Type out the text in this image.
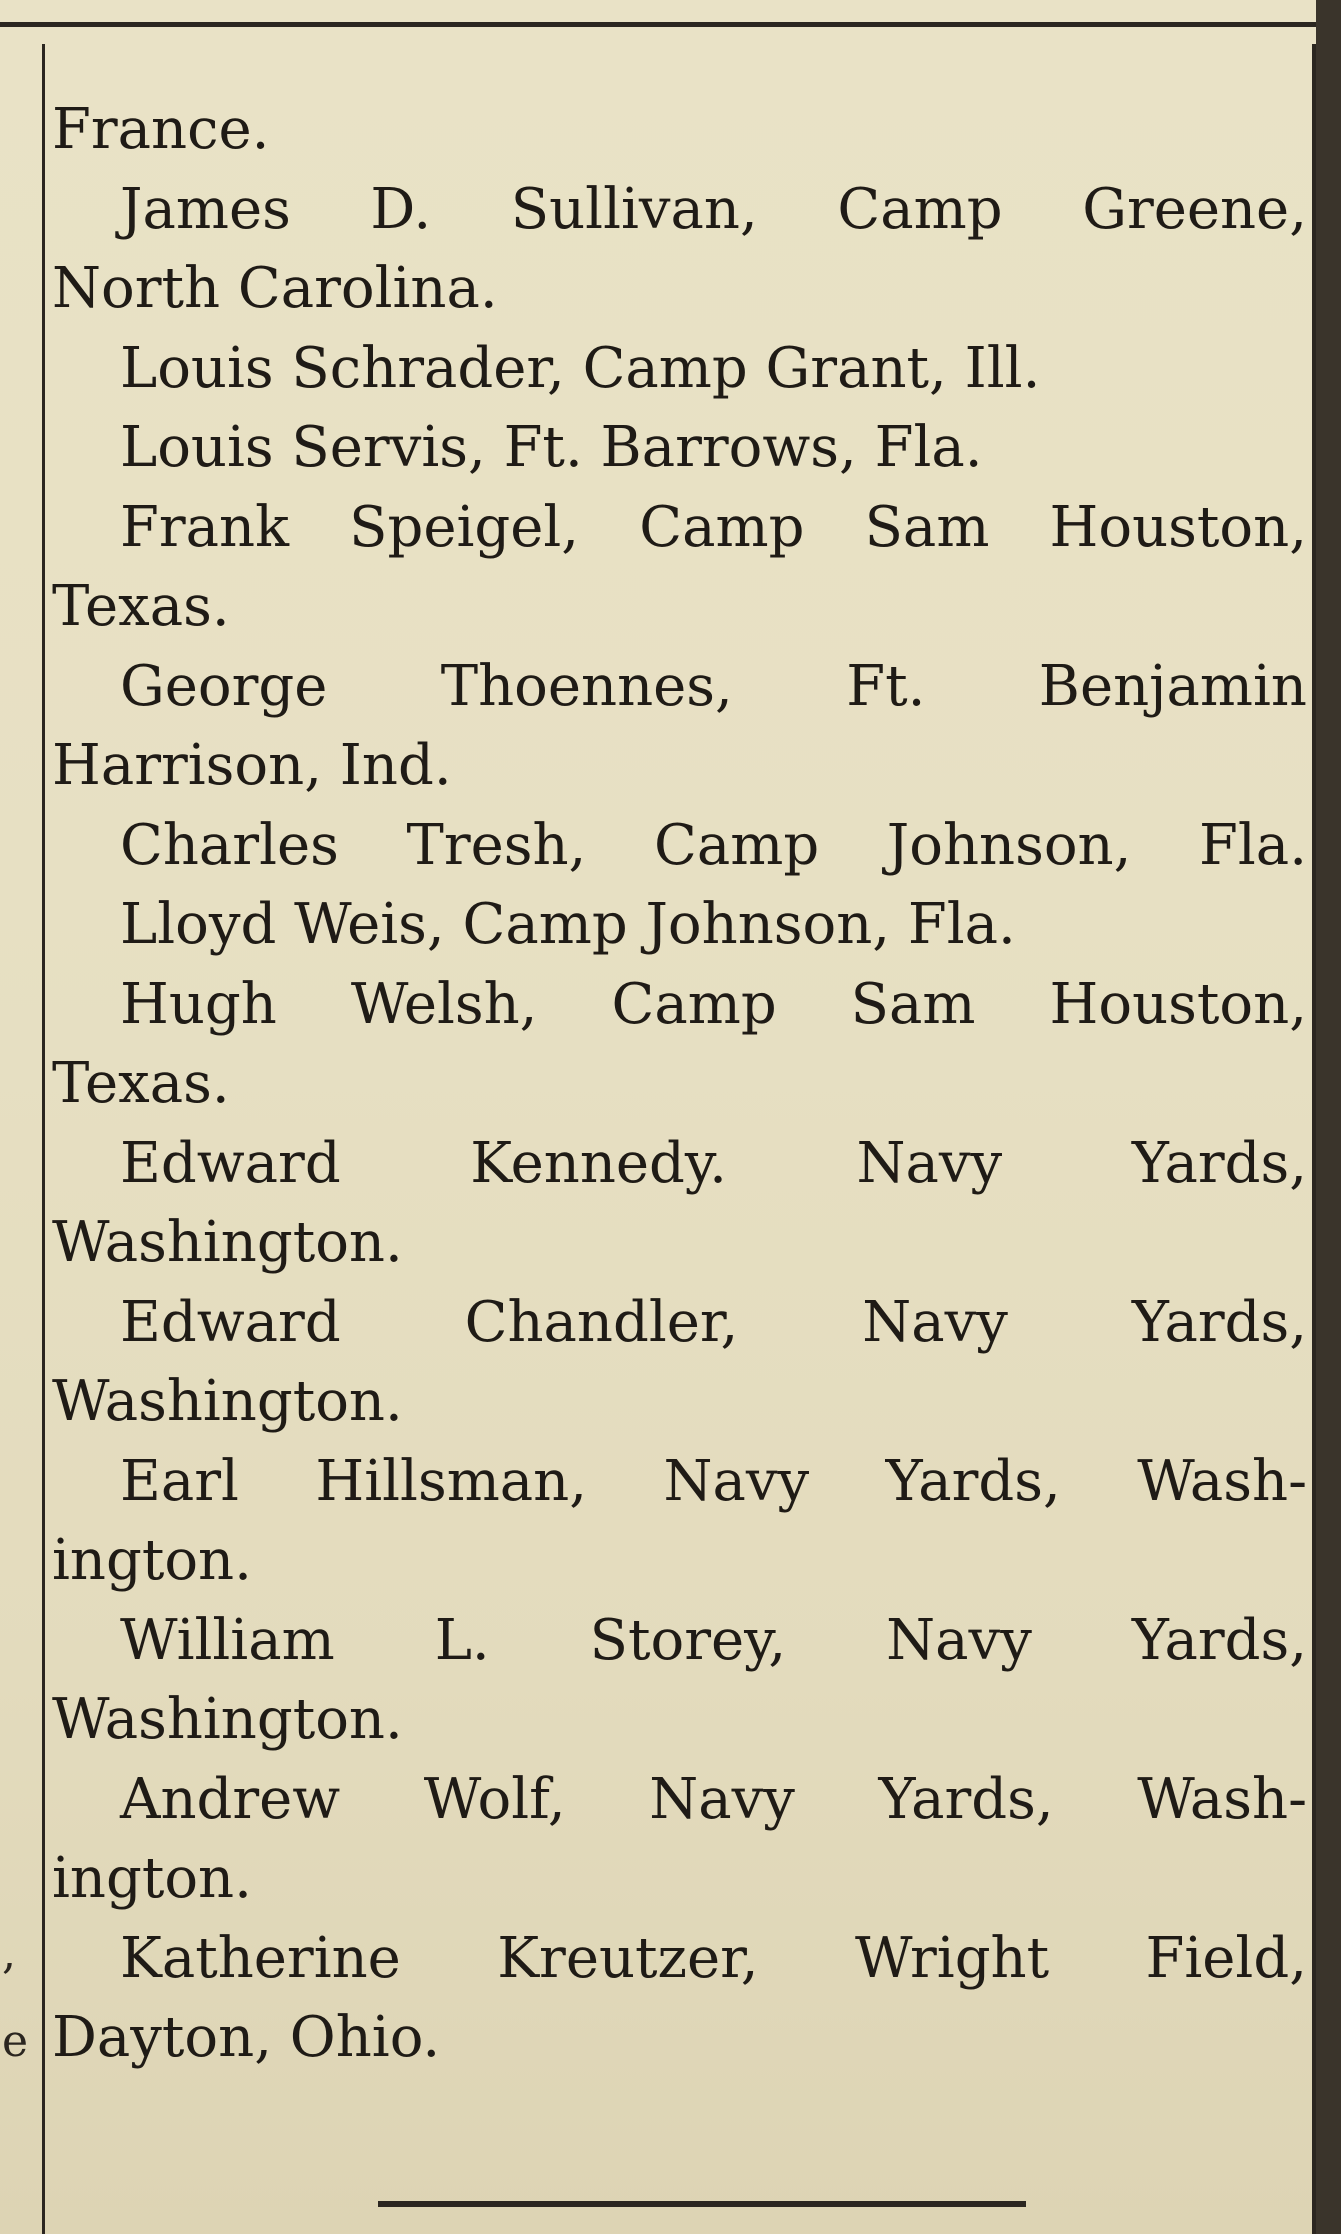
,
e
France.
James D. Sullivan, Camp Greene,
North Carolina.
Louis Schrader, Camp Grant, Ill.
Louis Servis, Ft. Barrows, Fla.
Frank Speigel, Camp Sam Houston,
Texas.
George Thoennes, Ft. Benjamin
Harrison, Ind.
Charles Tresh, Camp Johnson, Fla.
Lloyd Weis, Camp Johnson, Fla.
Hugh Welsh, Camp Sam Houston,
Texas.
Edward Kennedy. Navy Yards,
Washington.
Edward Chandler, Navy Yards,
Washington.
Earl Hillsman, Navy Yards, Wash-
ington.
William L. Storey, Navy Yards,
Washington.
Andrew Wolf, Navy Yards, Wash-
ington.
Katherine Kreutzer, Wright Field,
Dayton, Ohio.
